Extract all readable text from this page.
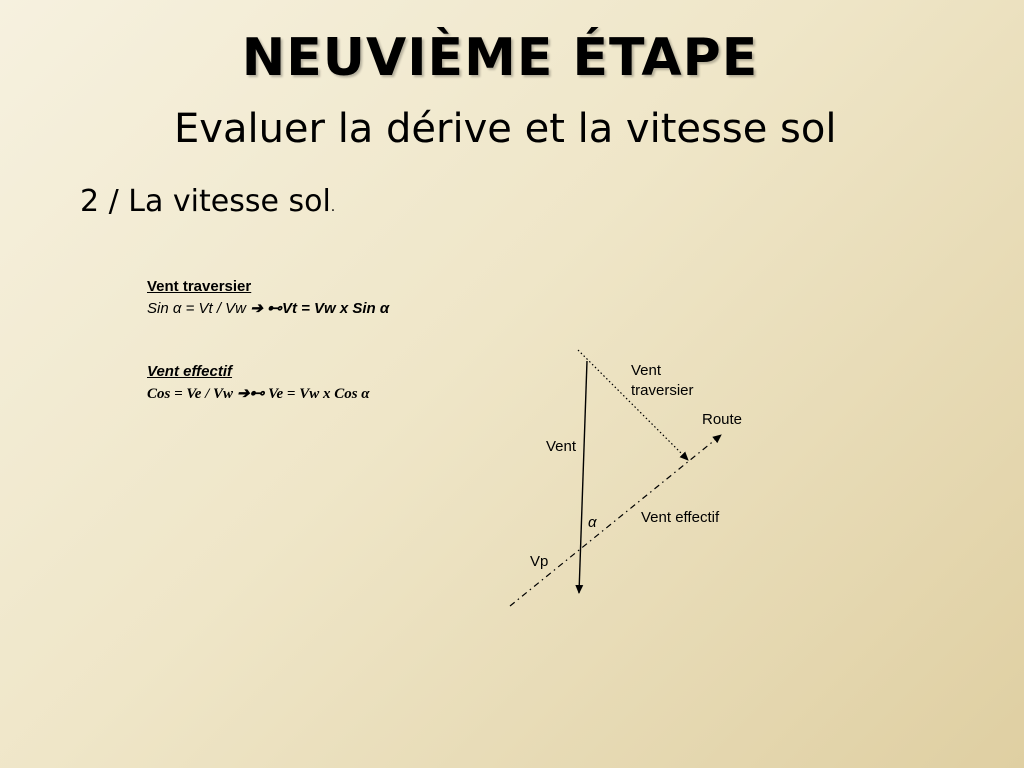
NEUVIÈME ÉTAPE
Evaluer la dérive et la vitesse sol
2 / La vitesse sol.
Vent traversier
Sin α = Vt / Vw ➔ ⊷Vt = Vw x Sin α
Vent effectif
Cos = Ve / Vw ➔⊷ Ve = Vw x Cos α
Vent
traversier
Route
Vent
α	Vent effectif
Vp
